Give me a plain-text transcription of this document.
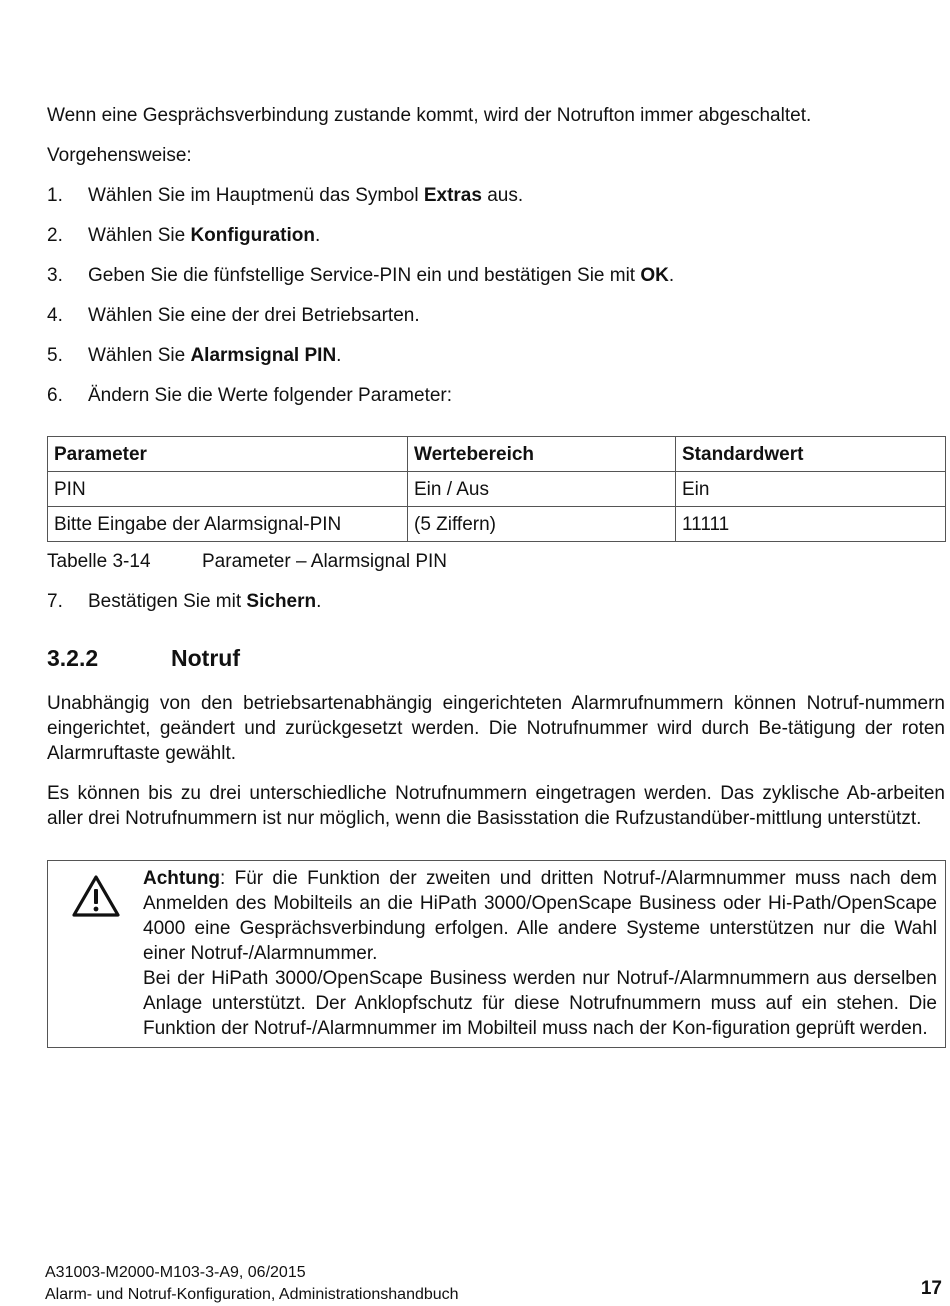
Wenn eine Gesprächsverbindung zustande kommt, wird der Notrufton immer abgeschaltet.

Vorgehensweise:

1.	Wählen Sie im Hauptmenü das Symbol Extras aus.
2.	Wählen Sie Konfiguration.
3.	Geben Sie die fünfstellige Service-PIN ein und bestätigen Sie mit OK.
4.	Wählen Sie eine der drei Betriebsarten.
5.	Wählen Sie Alarmsignal PIN.
6.	Ändern Sie die Werte folgender Parameter:
Parameter	Wertebereich	Standardwert
PIN	Ein / Aus	Ein
Bitte Eingabe der Alarmsignal-PIN	(5 Ziffern)	11111
Tabelle 3-14	Parameter – Alarmsignal PIN
7.	Bestätigen Sie mit Sichern.
3.2.2	Notruf

Unabhängig von den betriebsartenabhängig eingerichteten Alarmrufnummern können Notruf-nummern eingerichtet, geändert und zurückgesetzt werden. Die Notrufnummer wird durch Be-tätigung der roten Alarmruftaste gewählt.

Es können bis zu drei unterschiedliche Notrufnummern eingetragen werden. Das zyklische Ab-arbeiten aller drei Notrufnummern ist nur möglich, wenn die Basisstation die Rufzustandüber-mittlung unterstützt.

Achtung: Für die Funktion der zweiten und dritten Notruf-/Alarmnummer muss nach dem Anmelden des Mobilteils an die HiPath 3000/OpenScape Business oder Hi-Path/OpenScape 4000 eine Gesprächsverbindung erfolgen. Alle andere Systeme unterstützen nur die Wahl einer Notruf-/Alarmnummer.

Bei der HiPath 3000/OpenScape Business werden nur Notruf-/Alarmnummern aus derselben Anlage unterstützt. Der Anklopfschutz für diese Notrufnummern muss auf ein stehen. Die Funktion der Notruf-/Alarmnummer im Mobilteil muss nach der Kon-figuration geprüft werden.

A31003-M2000-M103-3-A9, 06/2015
Alarm- und Notruf-Konfiguration, Administrationshandbuch	17
